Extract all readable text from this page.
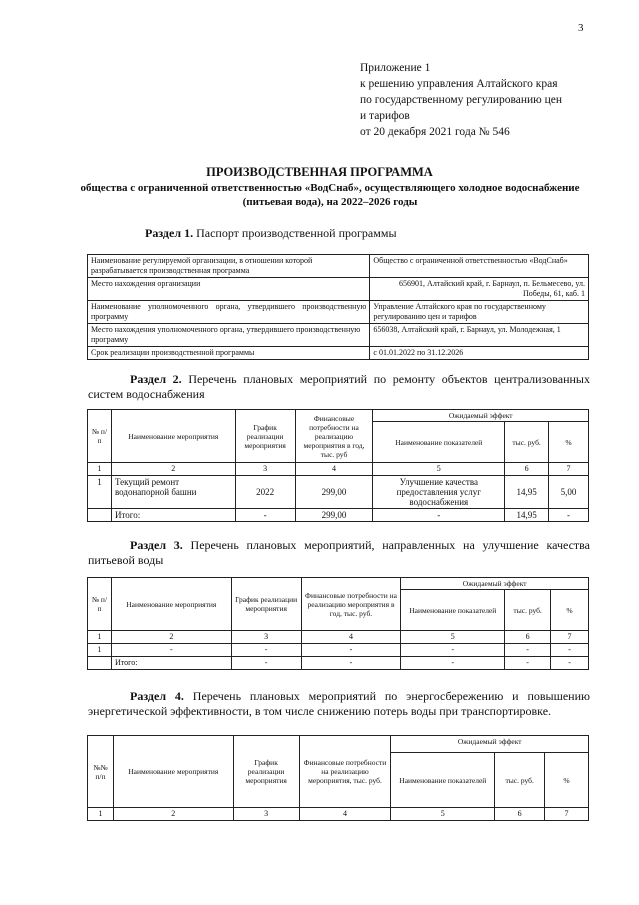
3
Приложение 1
к решению управления Алтайского края
по государственному регулированию цен
и тарифов
от 20 декабря 2021 года № 546
ПРОИЗВОДСТВЕННАЯ ПРОГРАММА
общества с ограниченной ответственностью «ВодСнаб», осуществляющего холодное водоснабжение (питьевая вода), на 2022–2026 годы
Раздел 1. Паспорт производственной программы
Наименование регулируемой организации, в отношении которой разрабатывается производственная программа	Общество с ограниченной ответственностью «ВодСнаб»
Место нахождения организации	656901, Алтайский край, г. Барнаул, п. Бельмесево, ул. Победы, 61, каб. 1
Наименование уполномоченного органа, утвердившего производственную программу	Управление Алтайского края по государственному регулированию цен и тарифов
Место нахождения уполномоченного органа, утвердившего производственную программу	656038, Алтайский край, г. Барнаул, ул. Молодежная, 1
Срок реализации производственной программы	с 01.01.2022 по 31.12.2026
Раздел 2. Перечень плановых мероприятий по ремонту объектов централизованных систем водоснабжения
№ п/п	Наименование мероприятия	График реализации мероприятия	Финансовые потребности на реализацию мероприятия в год, тыс. руб	Ожидаемый эффект		
				Наименование показателей	тыс. руб.	%
1	2	3	4	5	6	7
1	Текущий ремонт водонапорной башни	2022	299,00	Улучшение качества предоставления услуг водоснабжения	14,95	5,00
	Итого:	-	299,00	-	14,95	-
Раздел 3. Перечень плановых мероприятий, направленных на улучшение качества питьевой воды
№ п/п	Наименование мероприятия	График реализации мероприятия	Финансовые потребности на реализацию мероприятия в год, тыс. руб.	Ожидаемый эффект		
				Наименование показателей	тыс. руб.	%
1	2	3	4	5	6	7
1	-	-	-	-	-	-
	Итого:	-	-	-	-	-
Раздел 4. Перечень плановых мероприятий по энергосбережению и повышению энергетической эффективности, в том числе снижению потерь воды при транспортировке.
№№ п/п	Наименование мероприятия	График реализации мероприятия	Финансовые потребности на реализацию мероприятия, тыс. руб.	Ожидаемый эффект		
				Наименование показателей	тыс. руб.	%
1	2	3	4	5	6	7
